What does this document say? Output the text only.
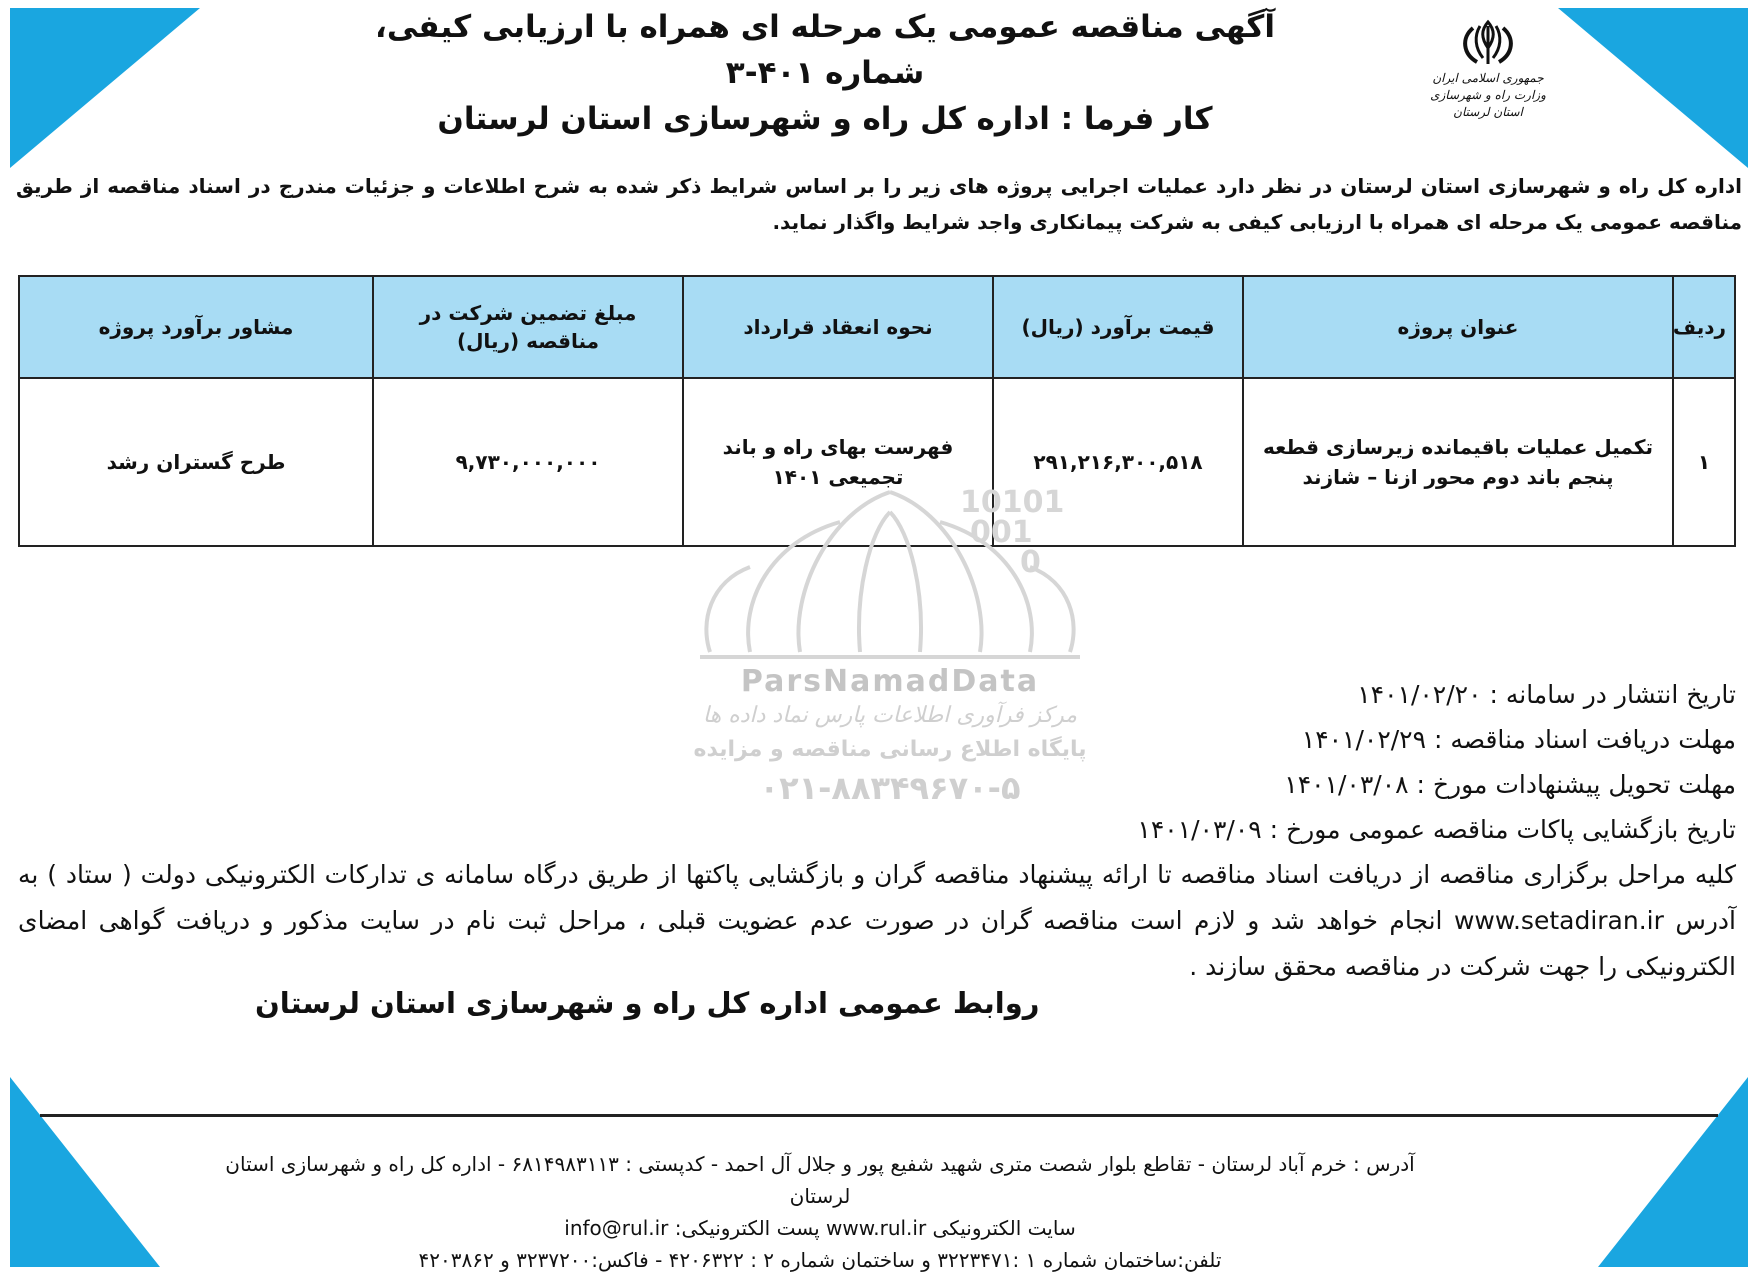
آگهی مناقصه عمومی یک مرحله ای همراه با ارزیابی کیفی، شماره ۴۰۱-۳
کار فرما : اداره کل راه و شهرسازی استان لرستان
جمهوری اسلامی ایران
وزارت راه و شهرسازی
استان لرستان
اداره کل راه و شهرسازی استان لرستان در نظر دارد عملیات اجرایی پروژه های زیر را بر اساس شرایط ذکر شده به شرح اطلاعات و جزئیات مندرج در اسناد مناقصه از طریق مناقصه عمومی یک مرحله ای همراه با ارزیابی کیفی به شرکت پیمانکاری واجد شرایط واگذار نماید.
ردیف	عنوان پروژه	قیمت برآورد (ریال)	نحوه انعقاد قرارداد	مبلغ تضمین شرکت در مناقصه (ریال)	مشاور برآورد پروژه
۱	تکمیل عملیات باقیمانده زیرسازی قطعه پنجم باند دوم محور ازنا – شازند	۲۹۱,۲۱۶,۳۰۰,۵۱۸	فهرست بهای راه و باند تجمیعی ۱۴۰۱	۹,۷۳۰,۰۰۰,۰۰۰	طرح گستران رشد
10101
001
0
ParsNamadData
مرکز فرآوری اطلاعات پارس نماد داده ها
پایگاه اطلاع رسانی مناقصه و مزایده
۰۲۱-۸۸۳۴۹۶۷۰-۵
تاریخ انتشار در سامانه : ۱۴۰۱/۰۲/۲۰
مهلت دریافت اسناد مناقصه : ۱۴۰۱/۰۲/۲۹
مهلت تحویل پیشنهادات مورخ : ۱۴۰۱/۰۳/۰۸
تاریخ بازگشایی پاکات مناقصه عمومی مورخ : ۱۴۰۱/۰۳/۰۹
کلیه مراحل برگزاری مناقصه از دریافت اسناد مناقصه تا ارائه پیشنهاد مناقصه گران و بازگشایی پاکتها از طریق درگاه سامانه ی تدارکات الکترونیکی دولت ( ستاد ) به آدرس www.setadiran.ir انجام خواهد شد و لازم است مناقصه گران در صورت عدم عضویت قبلی ، مراحل ثبت نام در سایت مذکور و دریافت گواهی امضای الکترونیکی را جهت شرکت در مناقصه محقق سازند .
روابط عمومی اداره کل راه و شهرسازی استان لرستان
آدرس : خرم آباد لرستان - تقاطع بلوار شصت متری شهید شفیع پور و جلال آل احمد - کدپستی : ۶۸۱۴۹۸۳۱۱۳ - اداره کل راه و شهرسازی استان لرستان
سایت الکترونیکی www.rul.ir پست الکترونیکی: info@rul.ir
تلفن:ساختمان شماره ۱ :۳۲۲۳۴۷۱ و ساختمان شماره ۲ : ۴۲۰۶۳۲۲ - فاکس:۳۲۳۷۲۰۰ و ۴۲۰۳۸۶۲
